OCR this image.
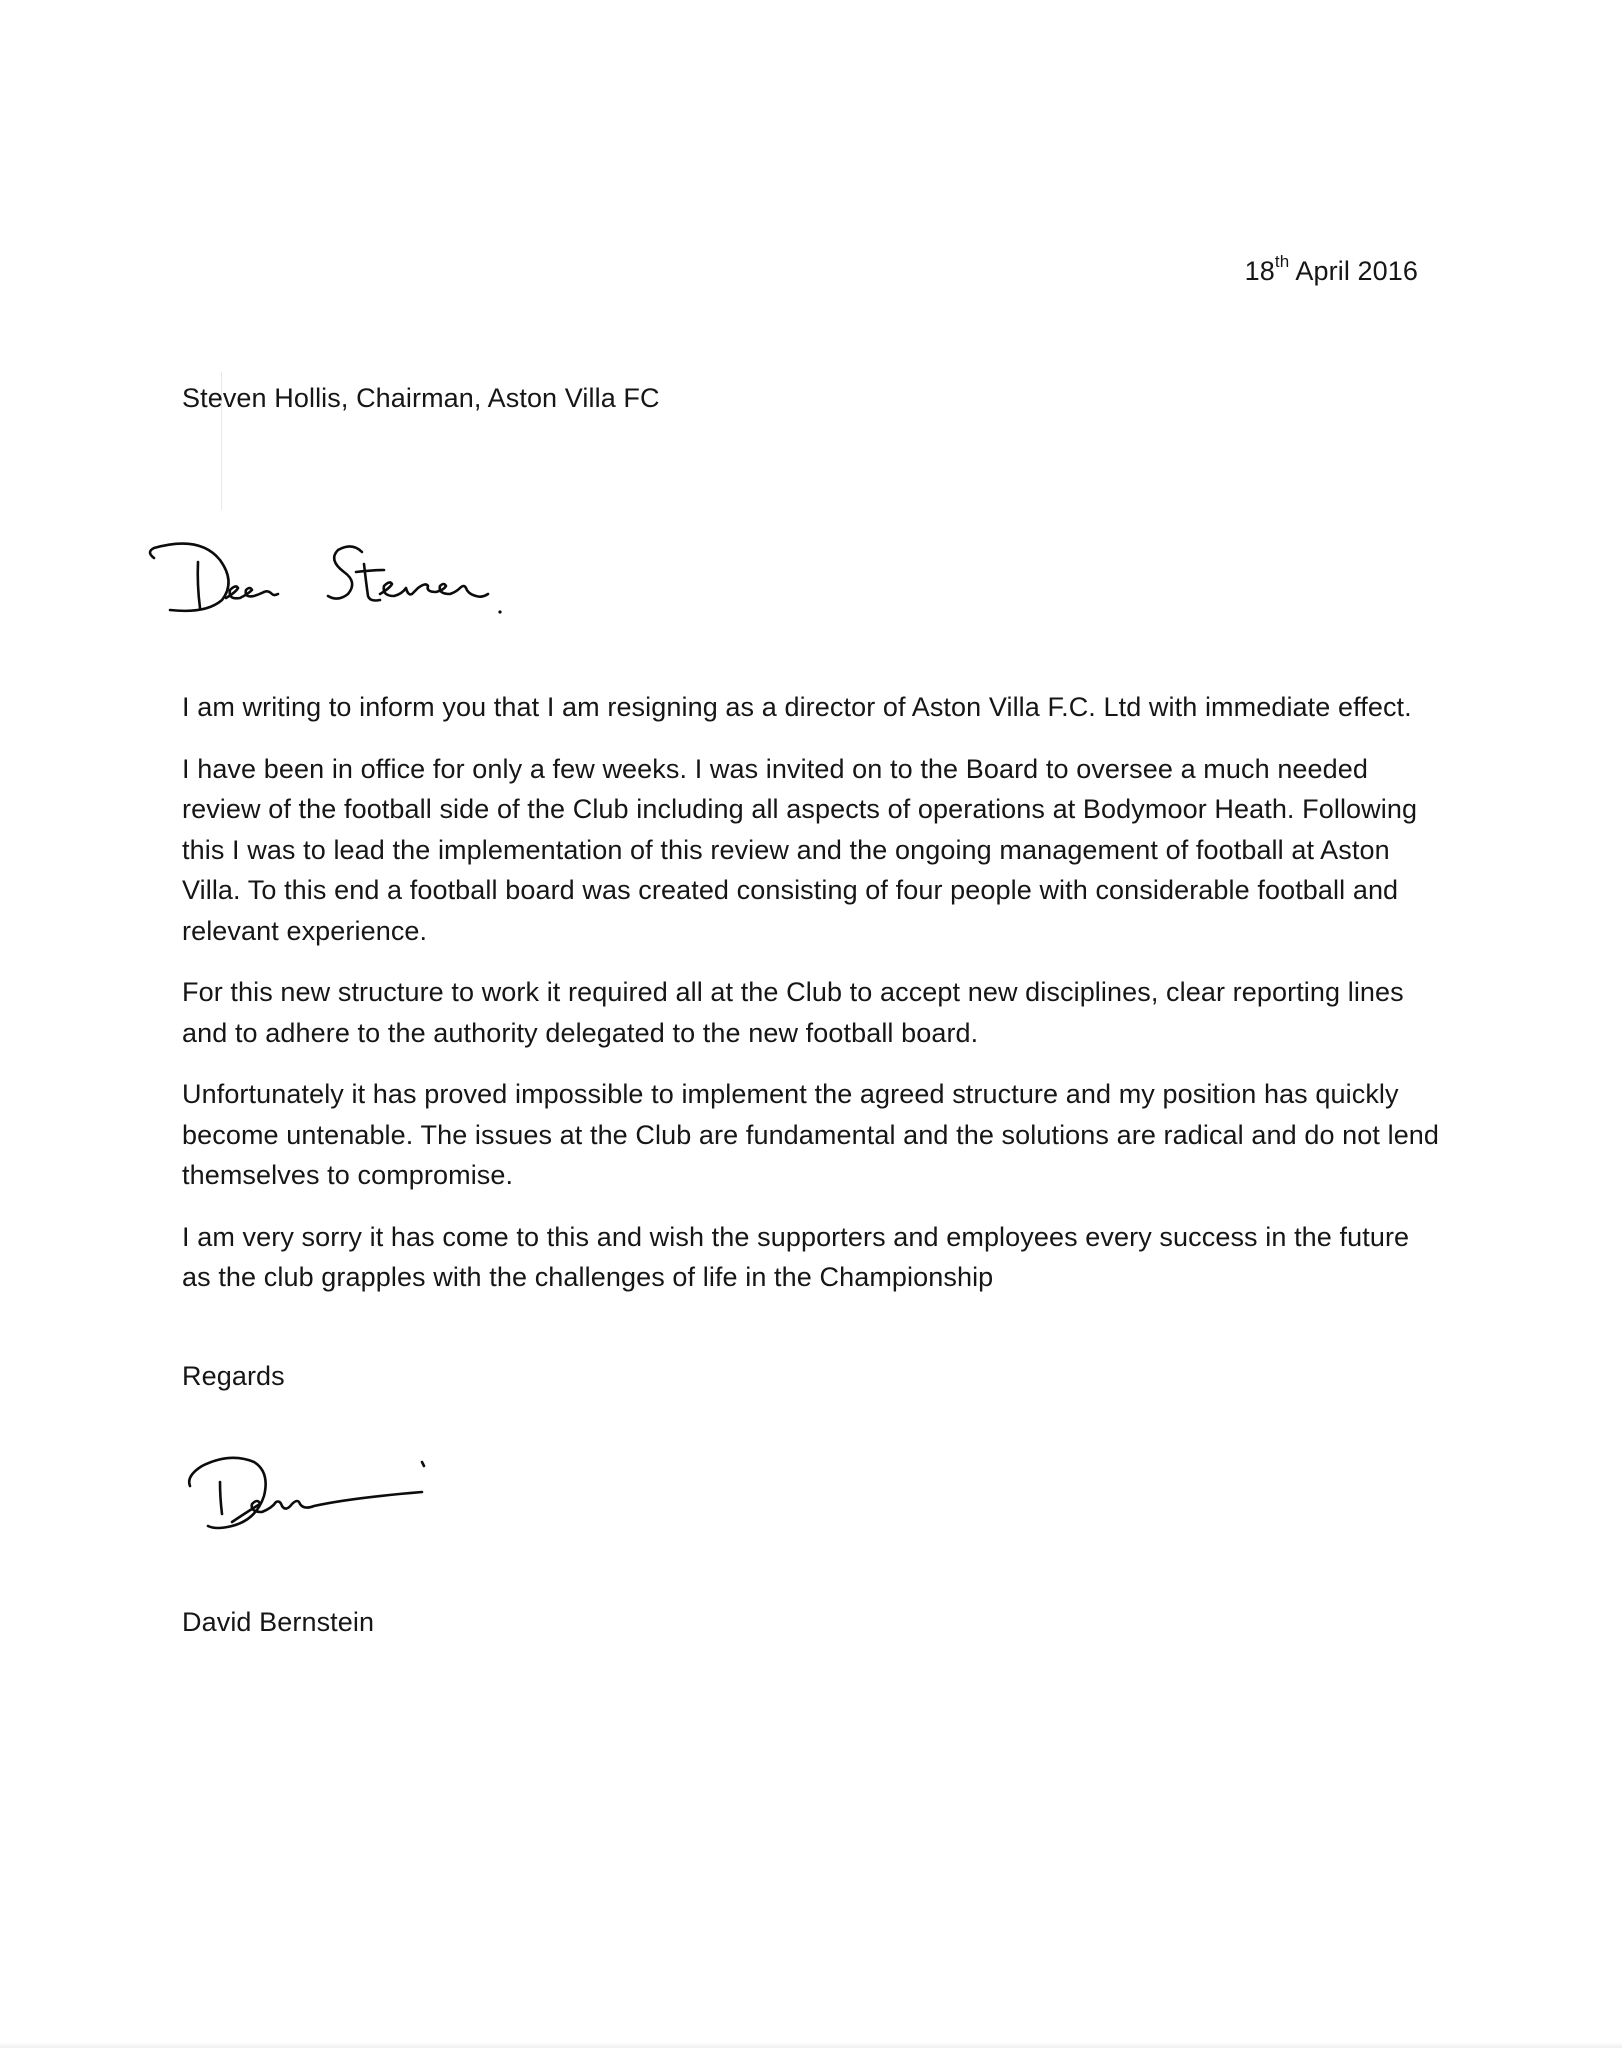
18th April 2016
Steven Hollis, Chairman, Aston Villa FC

I am writing to inform you that I am resigning as a director of Aston Villa F.C. Ltd with immediate effect.

I have been in office for only a few weeks. I was invited on to the Board to oversee a much needed review of the football side of the Club including all aspects of operations at Bodymoor Heath. Following this I was to lead the implementation of this review and the ongoing management of football at Aston Villa. To this end a football board was created consisting of four people with considerable football and relevant experience.

For this new structure to work it required all at the Club to accept new disciplines, clear reporting lines and to adhere to the authority delegated to the new football board.

Unfortunately it has proved impossible to implement the agreed structure and my position has quickly become untenable. The issues at the Club are fundamental and the solutions are radical and do not lend themselves to compromise.

I am very sorry it has come to this and wish the supporters and employees every success in the future as the club grapples with the challenges of life in the Championship

Regards
David Bernstein
